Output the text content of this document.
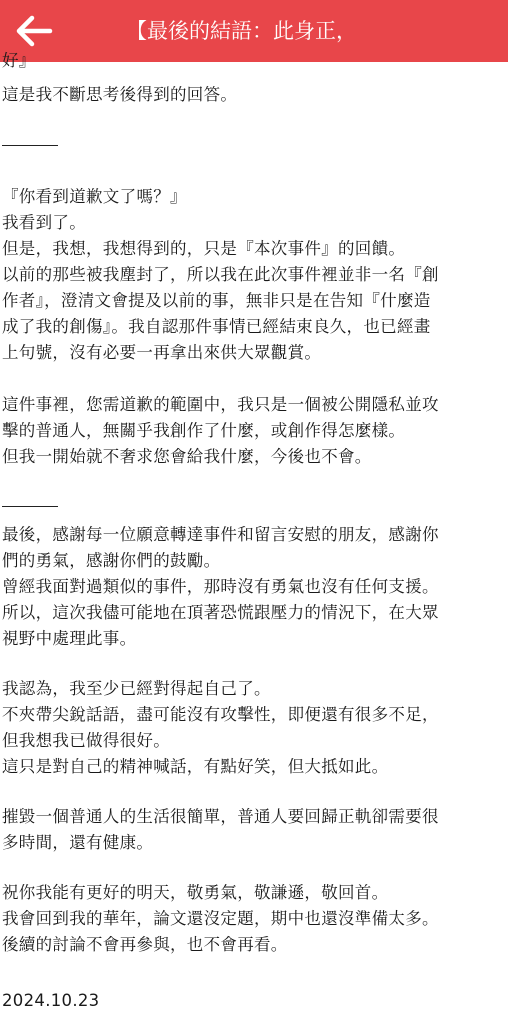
【最後的結語：此身正，
好』
這是我不斷思考後得到的回答。
『你看到道歉文了嗎？』
我看到了。
但是，我想，我想得到的，只是『本次事件』的回饋。
以前的那些被我塵封了，所以我在此次事件裡並非一名『創
作者』，澄清文會提及以前的事，無非只是在告知『什麼造
成了我的創傷』。我自認那件事情已經結束良久，也已經畫
上句號，沒有必要一再拿出來供大眾觀賞。
這件事裡，您需道歉的範圍中，我只是一個被公開隱私並攻
擊的普通人，無關乎我創作了什麼，或創作得怎麼樣。
但我一開始就不奢求您會給我什麼，今後也不會。
最後，感謝每一位願意轉達事件和留言安慰的朋友，感謝你
們的勇氣，感謝你們的鼓勵。
曾經我面對過類似的事件，那時沒有勇氣也沒有任何支援。
所以，這次我儘可能地在頂著恐慌跟壓力的情況下，在大眾
視野中處理此事。
我認為，我至少已經對得起自己了。
不夾帶尖銳話語，盡可能沒有攻擊性，即便還有很多不足，
但我想我已做得很好。
這只是對自己的精神喊話，有點好笑，但大抵如此。
摧毀一個普通人的生活很簡單，普通人要回歸正軌卻需要很
多時間，還有健康。
祝你我能有更好的明天，敬勇氣，敬謙遜，敬回首。
我會回到我的華年，論文還沒定題，期中也還沒準備太多。
後續的討論不會再參與，也不會再看。
2024.10.23
